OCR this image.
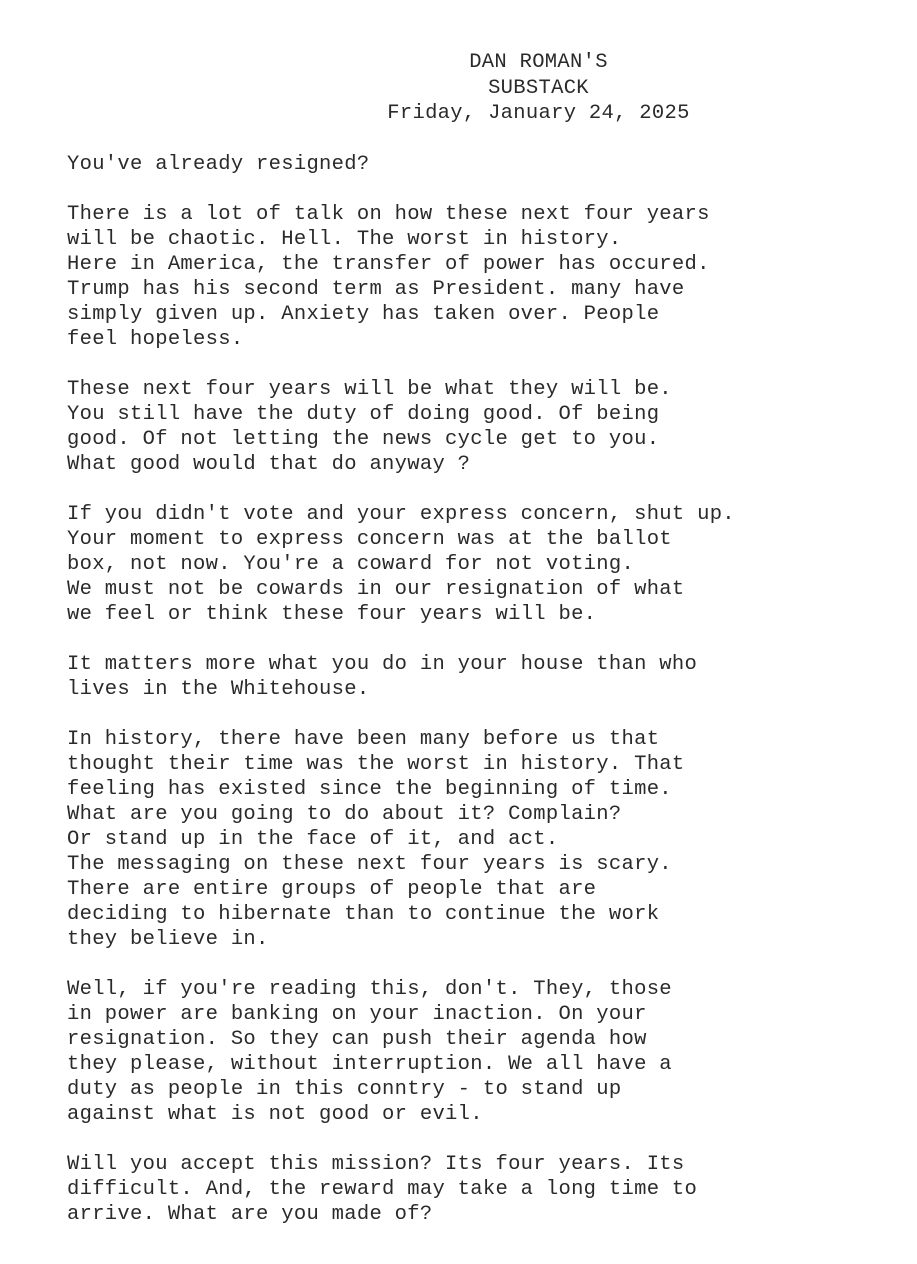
DAN ROMAN'S
SUBSTACK
Friday, January 24, 2025
You've already resigned?
There is a lot of talk on how these next four years
will be chaotic. Hell. The worst in history.
Here in America, the transfer of power has occured.
Trump has his second term as President. many have
simply given up. Anxiety has taken over. People
feel hopeless.
These next four years will be what they will be.
You still have the duty of doing good. Of being
good. Of not letting the news cycle get to you.
What good would that do anyway ?
If you didn't vote and your express concern, shut up.
Your moment to express concern was at the ballot
box, not now. You're a coward for not voting.
We must not be cowards in our resignation of what
we feel or think these four years will be.
It matters more what you do in your house than who
lives in the Whitehouse.
In history, there have been many before us that
thought their time was the worst in history. That
feeling has existed since the beginning of time.
What are you going to do about it? Complain?
Or stand up in the face of it, and act.
The messaging on these next four years is scary.
There are entire groups of people that are
deciding to hibernate than to continue the work
they believe in.
Well, if you're reading this, don't. They, those
in power are banking on your inaction. On your
resignation. So they can push their agenda how
they please, without interruption. We all have a
duty as people in this conntry - to stand up
against what is not good or evil.
Will you accept this mission? Its four years. Its
difficult. And, the reward may take a long time to
arrive. What are you made of?
